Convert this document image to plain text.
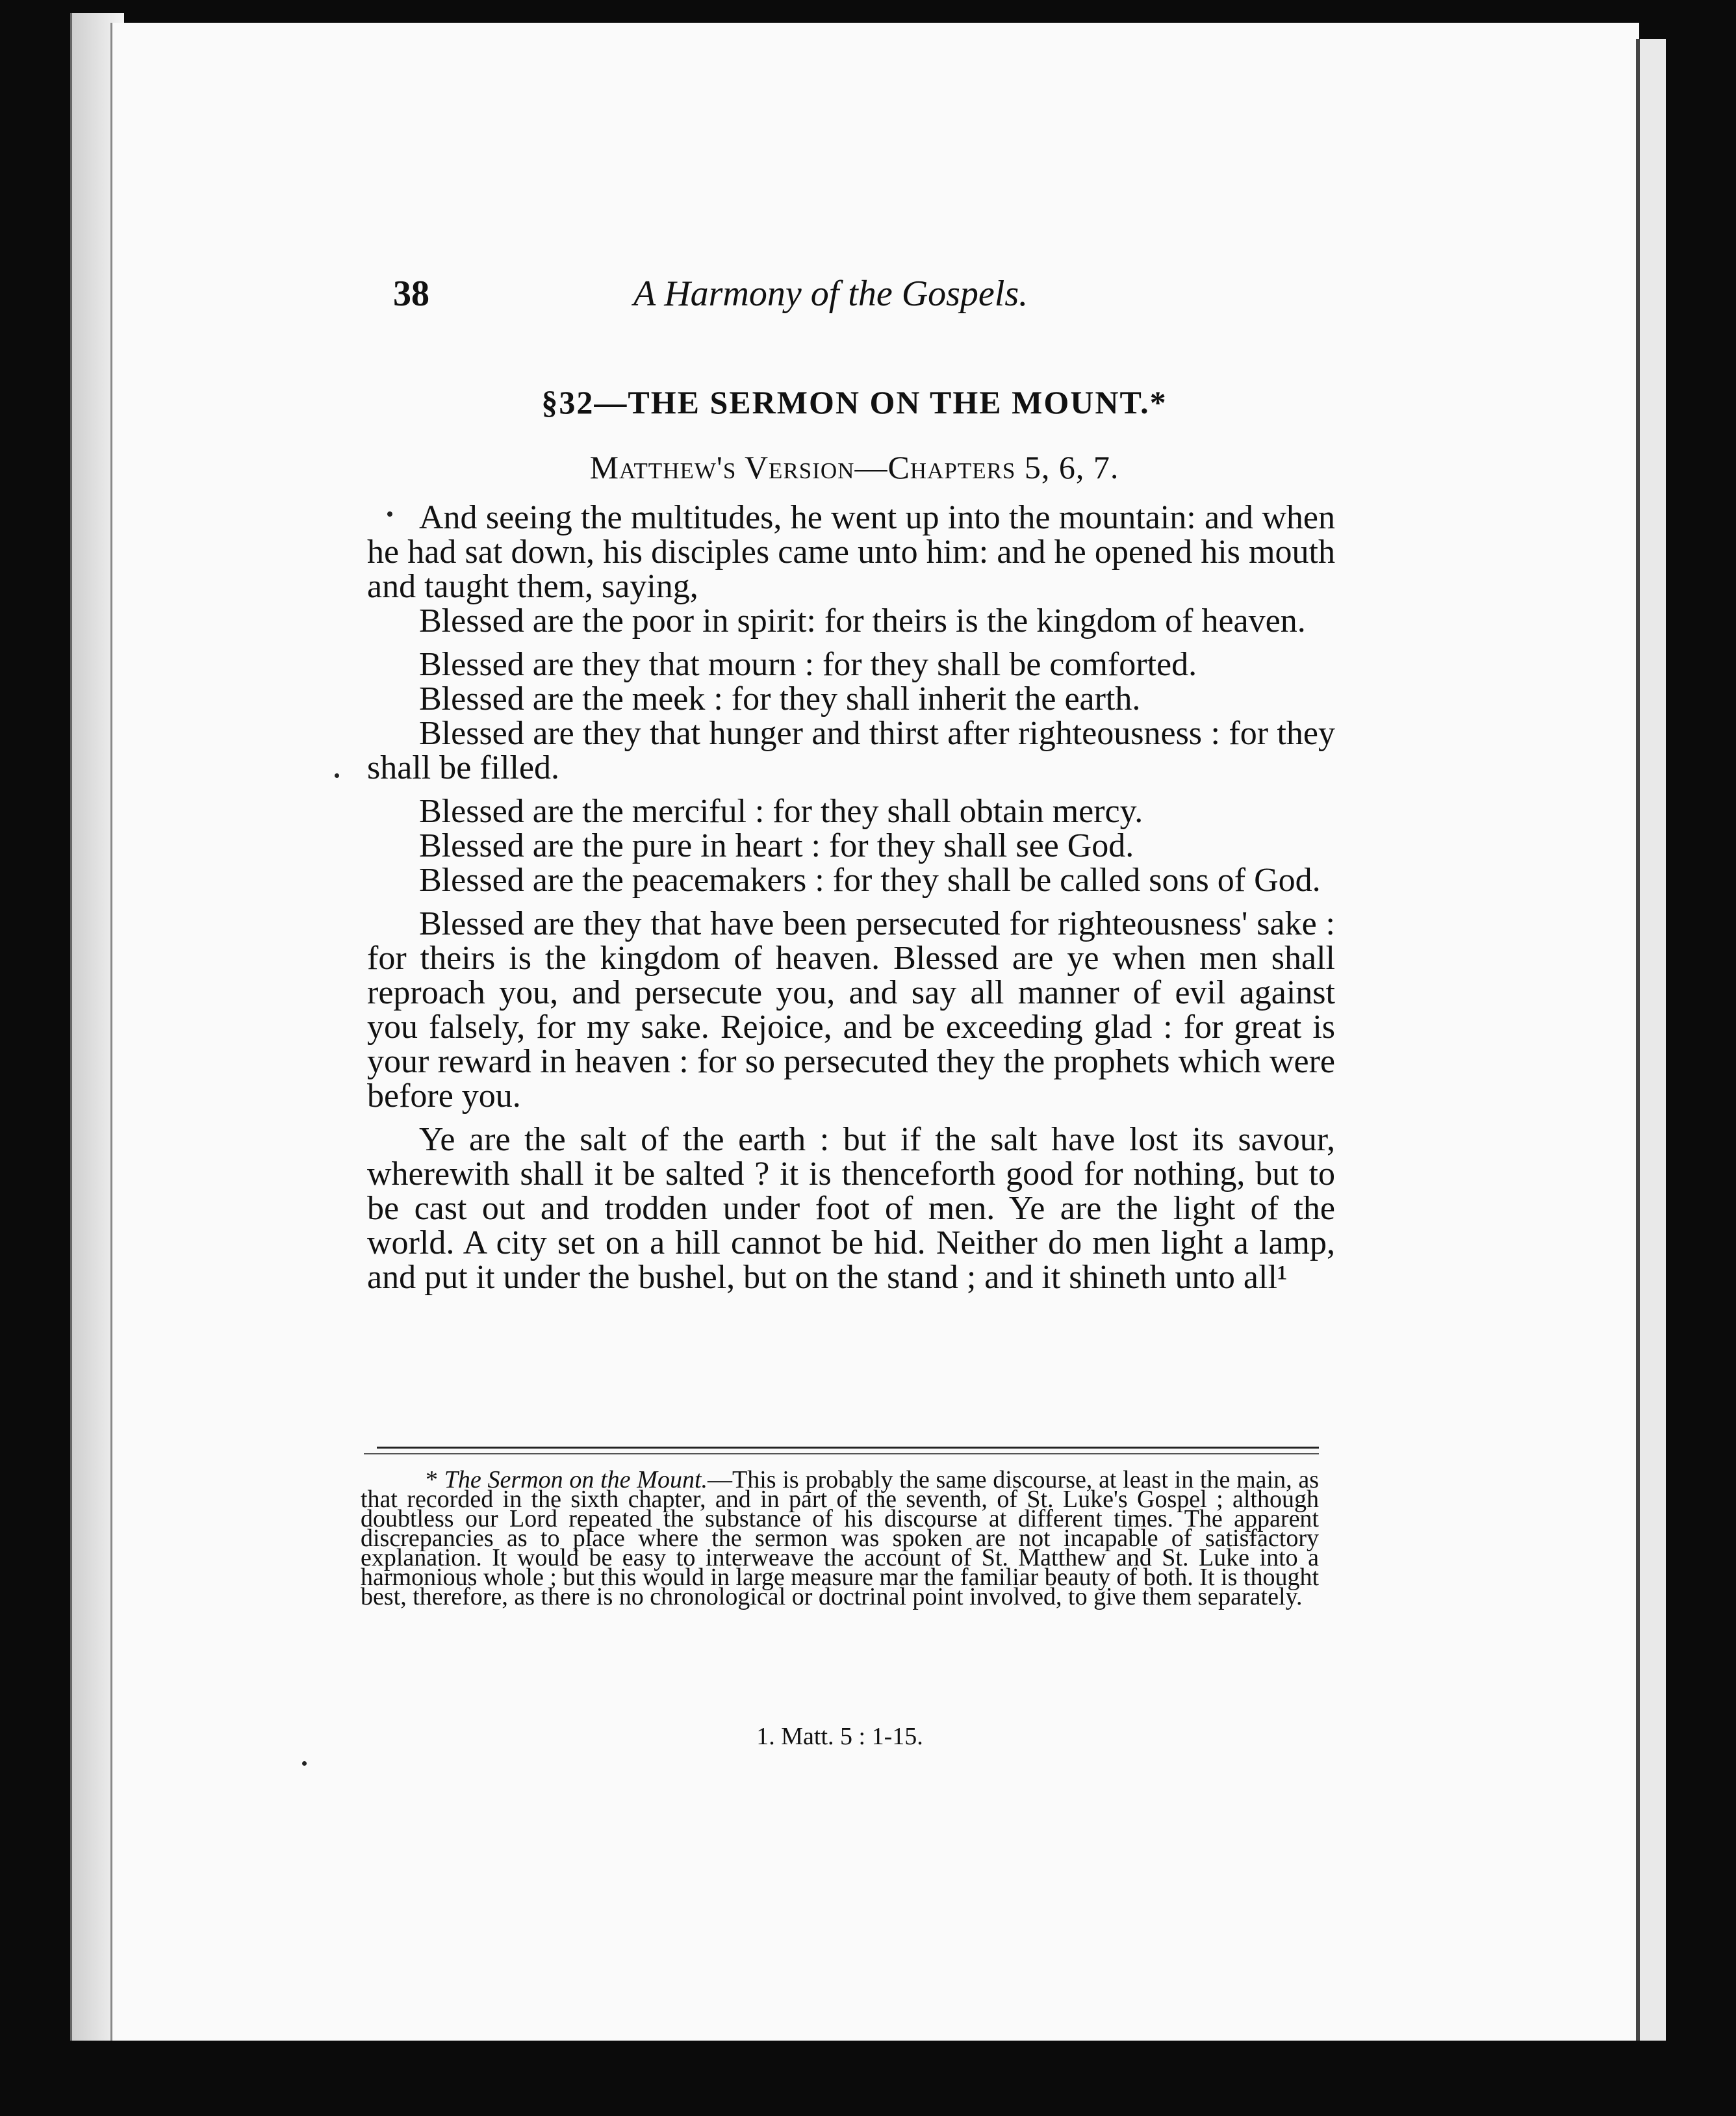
38	A Harmony of the Gospels.
§32—THE SERMON ON THE MOUNT.*
Matthew's Version—Chapters 5, 6, 7.

And seeing the multitudes, he went up into the mountain: and when he had sat down, his disciples came unto him: and he opened his mouth and taught them, saying,

Blessed are the poor in spirit: for theirs is the kingdom of heaven.

Blessed are they that mourn : for they shall be comforted.

Blessed are the meek : for they shall inherit the earth.

Blessed are they that hunger and thirst after righteousness : for they shall be filled.

Blessed are the merciful : for they shall obtain mercy.

Blessed are the pure in heart : for they shall see God.

Blessed are the peacemakers : for they shall be called sons of God.

Blessed are they that have been persecuted for righteousness' sake : for theirs is the kingdom of heaven. Blessed are ye when men shall reproach you, and persecute you, and say all manner of evil against you falsely, for my sake. Rejoice, and be exceeding glad : for great is your reward in heaven : for so persecuted they the prophets which were before you.

Ye are the salt of the earth : but if the salt have lost its savour, wherewith shall it be salted ? it is thenceforth good for nothing, but to be cast out and trodden under foot of men. Ye are the light of the world. A city set on a hill cannot be hid. Neither do men light a lamp, and put it under the bushel, but on the stand ; and it shineth unto all¹

* The Sermon on the Mount.—This is probably the same discourse, at least in the main, as that recorded in the sixth chapter, and in part of the seventh, of St. Luke's Gospel ; although doubtless our Lord repeated the substance of his discourse at different times. The apparent discrepancies as to place where the sermon was spoken are not incapable of satisfactory explanation. It would be easy to interweave the account of St. Matthew and St. Luke into a harmonious whole ; but this would in large measure mar the familiar beauty of both. It is thought best, therefore, as there is no chronological or doctrinal point involved, to give them separately.

1. Matt. 5 : 1-15.
